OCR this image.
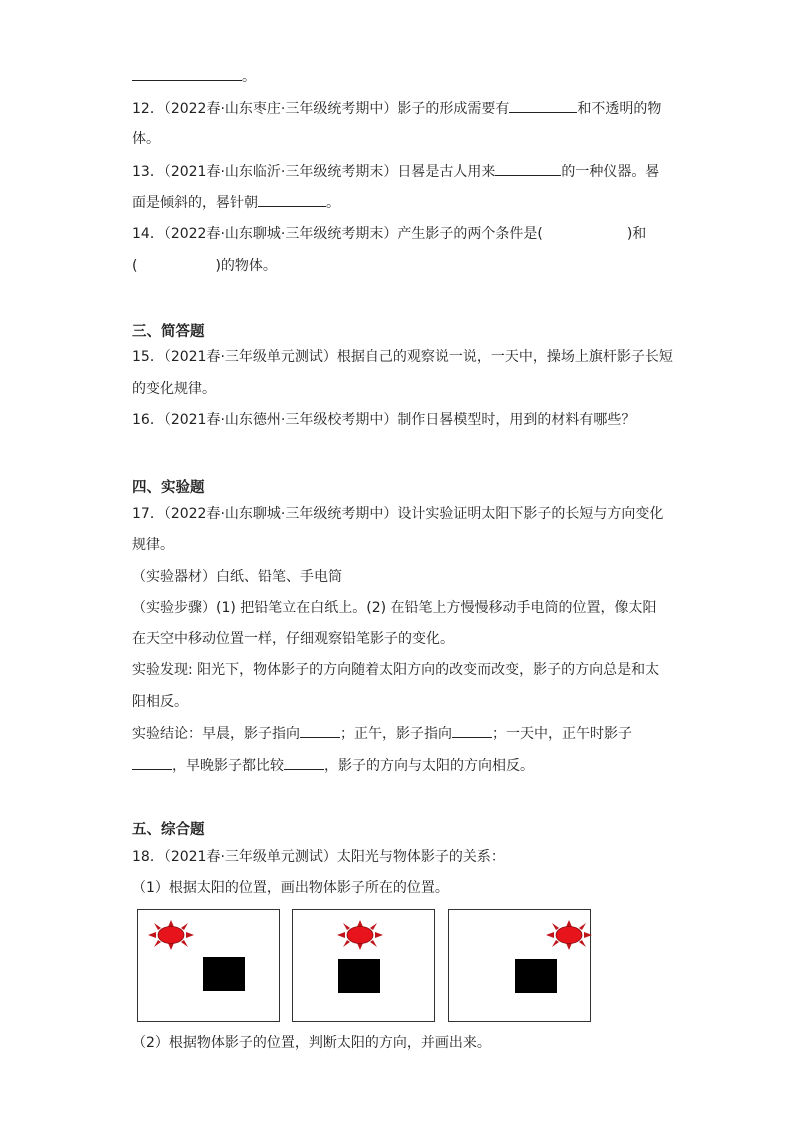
。
12．（2022春·山东枣庄·三年级统考期中）影子的形成需要有	和不透明的物
体。
13．（2021春·山东临沂·三年级统考期末）日晷是古人用来	的一种仪器。晷
面是倾斜的，晷针朝	。
14．（2022春·山东聊城·三年级统考期末）产生影子的两个条件是(	)和
(	)的物体。
三、简答题
15．（2021春·三年级单元测试）根据自己的观察说一说，一天中，操场上旗杆影子长短
的变化规律。
16．（2021春·山东德州·三年级校考期中）制作日晷模型时，用到的材料有哪些？
四、实验题
17．（2022春·山东聊城·三年级统考期中）设计实验证明太阳下影子的长短与方向变化
规律。
（实验器材）白纸、铅笔、手电筒
（实验步骤）(1) 把铅笔立在白纸上。(2) 在铅笔上方慢慢移动手电筒的位置，像太阳
在天空中移动位置一样，仔细观察铅笔影子的变化。
实验发现: 阳光下，物体影子的方向随着太阳方向的改变而改变，影子的方向总是和太
阳相反。
实验结论：早晨，影子指向	；正午，影子指向	；一天中，正午时影子
，早晚影子都比较	，影子的方向与太阳的方向相反。
五、综合题
18．（2021春·三年级单元测试）太阳光与物体影子的关系：
（1）根据太阳的位置，画出物体影子所在的位置。
（2）根据物体影子的位置，判断太阳的方向，并画出来。
